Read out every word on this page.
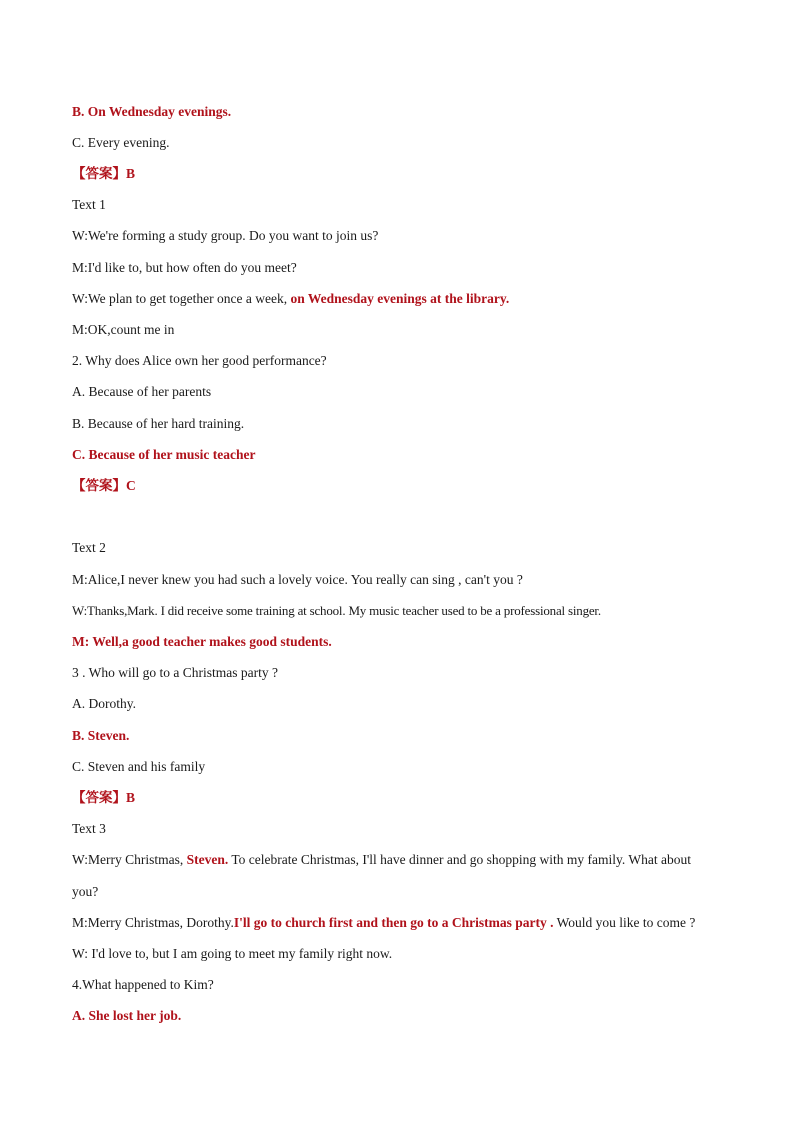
B. On Wednesday evenings.
C. Every evening.
【答案】B
Text 1
W:We're forming a study group. Do you want to join us?
M:I'd like to, but how often do you meet?
W:We plan to get together once a week, on Wednesday evenings at the library.
M:OK,count me in
2. Why does Alice own her good performance?
A. Because of her parents
B. Because of her hard training.
C. Because of her music teacher
【答案】C
Text 2
M:Alice,I never knew you had such a lovely voice. You really can sing , can't you ?
W:Thanks,Mark. I did receive some training at school. My music teacher used to be a professional singer.
M: Well,a good teacher makes good students.
3 . Who will go to a Christmas party ?
A. Dorothy.
B. Steven.
C. Steven and his family
【答案】B
Text 3
W:Merry Christmas, Steven. To celebrate Christmas, I'll have dinner and go shopping with my family. What about
you?
M:Merry Christmas, Dorothy.I'll go to church first and then go to a Christmas party . Would you like to come ?
W: I'd love to, but I am going to meet my family right now.
4.What happened to Kim?
A. She lost her job.
